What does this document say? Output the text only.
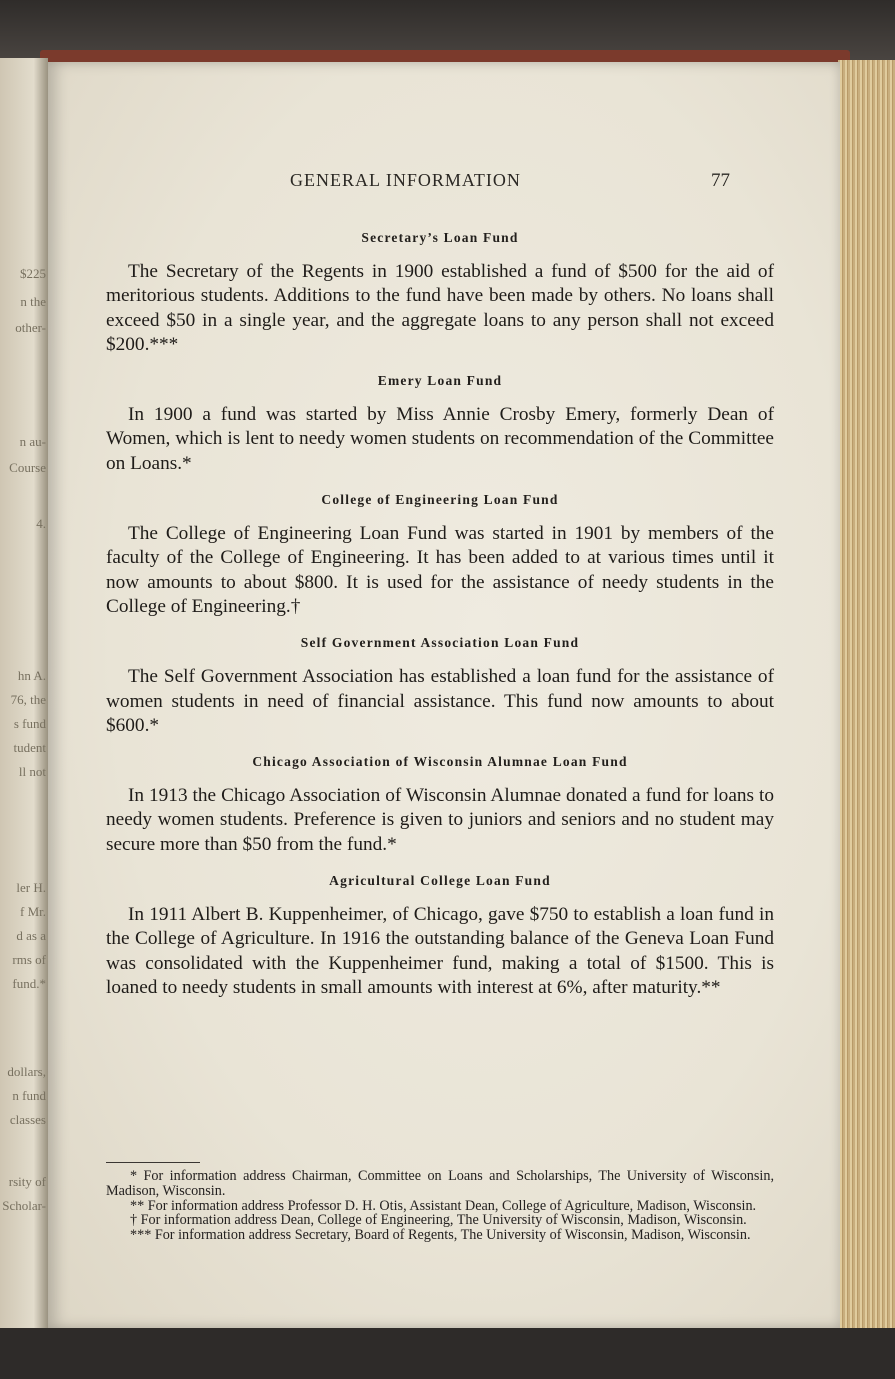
$225
n the
other-
n au-
Course
4.
hn A.
76, the
s fund
tudent
ll not
ler H.
f Mr.
d as a
rms of
fund.*
dollars,
n fund
classes
rsity of
Scholar-
GENERAL INFORMATION	77

Secretary’s Loan Fund

The Secretary of the Regents in 1900 established a fund of $500 for the aid of meritorious students. Additions to the fund have been made by others. No loans shall exceed $50 in a single year, and the aggregate loans to any person shall not exceed $200.***

Emery Loan Fund

In 1900 a fund was started by Miss Annie Crosby Emery, formerly Dean of Women, which is lent to needy women students on recommendation of the Committee on Loans.*

College of Engineering Loan Fund

The College of Engineering Loan Fund was started in 1901 by members of the faculty of the College of Engineering. It has been added to at various times until it now amounts to about $800. It is used for the assistance of needy students in the College of Engineering.†

Self Government Association Loan Fund

The Self Government Association has established a loan fund for the assistance of women students in need of financial assistance. This fund now amounts to about $600.*

Chicago Association of Wisconsin Alumnae Loan Fund

In 1913 the Chicago Association of Wisconsin Alumnae donated a fund for loans to needy women students. Preference is given to juniors and seniors and no student may secure more than $50 from the fund.*

Agricultural College Loan Fund

In 1911 Albert B. Kuppenheimer, of Chicago, gave $750 to establish a loan fund in the College of Agriculture. In 1916 the outstanding balance of the Geneva Loan Fund was consolidated with the Kuppenheimer fund, making a total of $1500. This is loaned to needy students in small amounts with interest at 6%, after maturity.**

* For information address Chairman, Committee on Loans and Scholarships, The University of Wisconsin, Madison, Wisconsin.

** For information address Professor D. H. Otis, Assistant Dean, College of Agriculture, Madison, Wisconsin.

† For information address Dean, College of Engineering, The University of Wisconsin, Madison, Wisconsin.

*** For information address Secretary, Board of Regents, The University of Wisconsin, Madison, Wisconsin.
